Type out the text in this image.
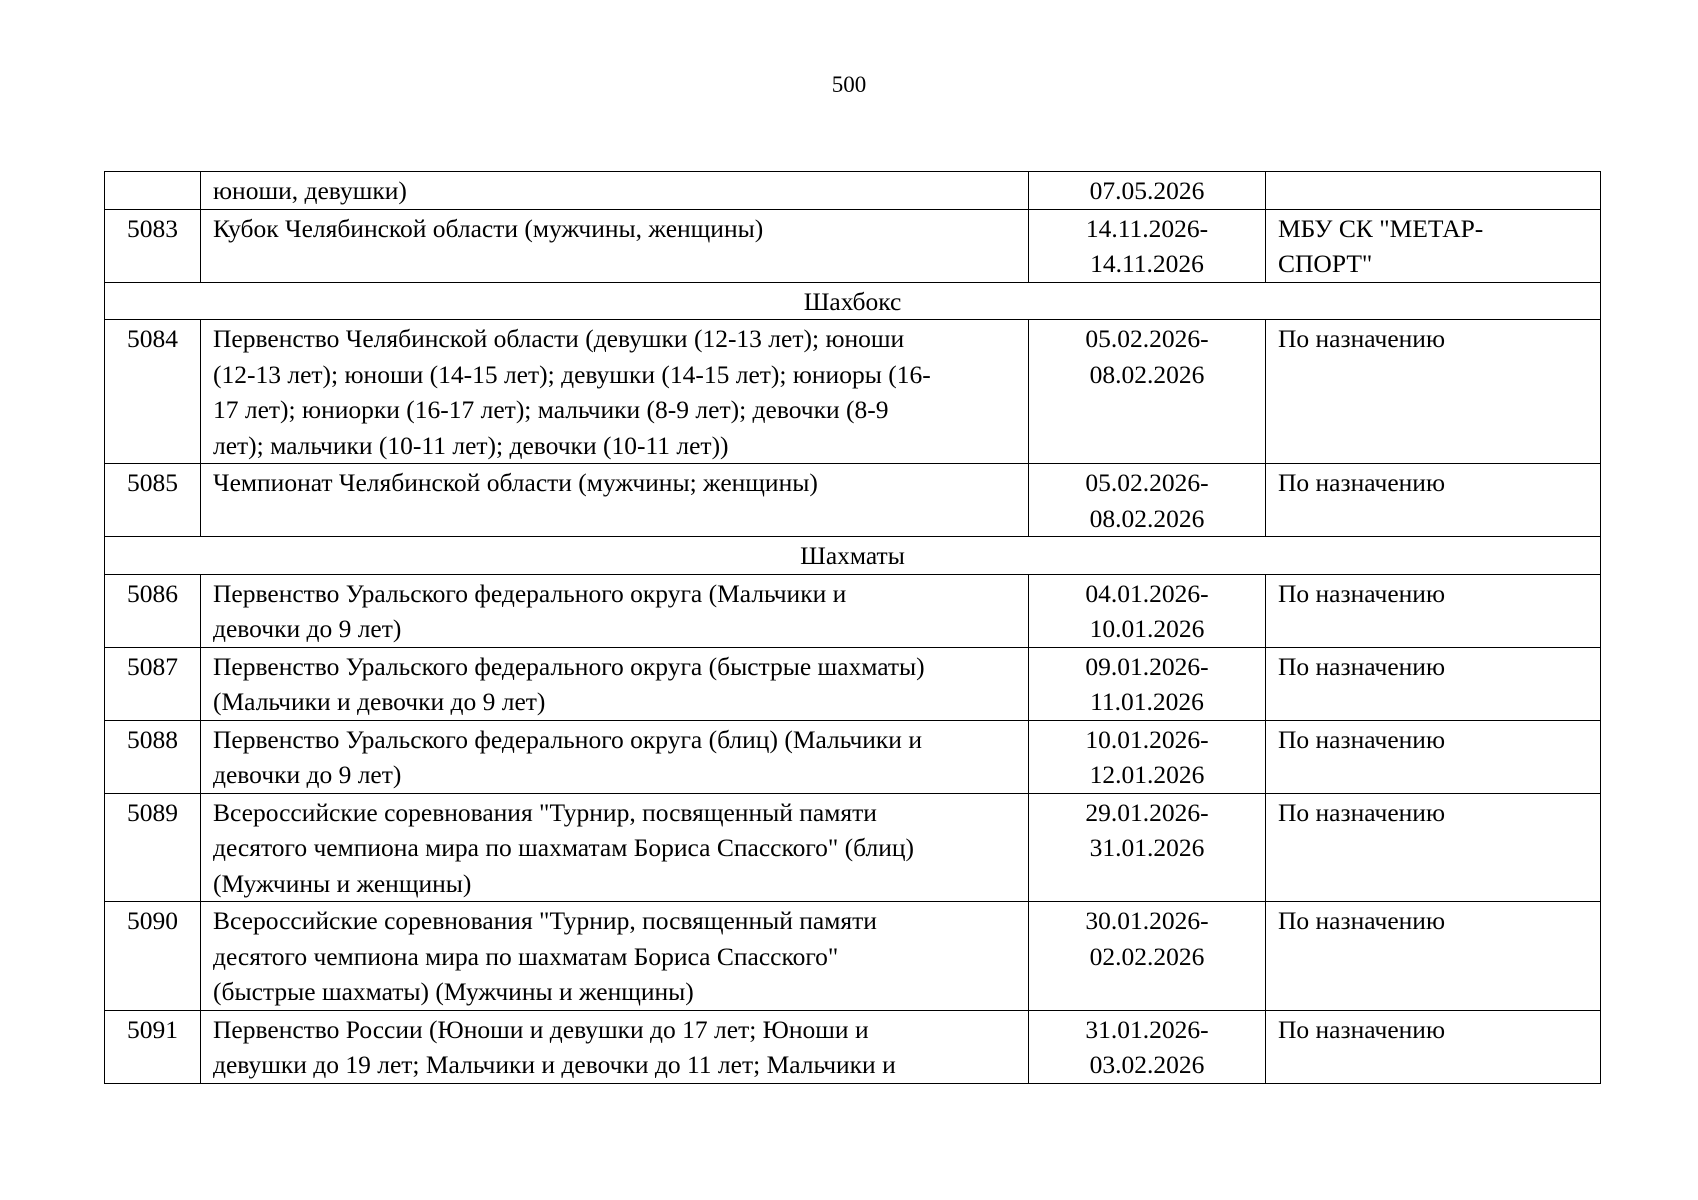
500
	юноши, девушки)	07.05.2026	
5083	Кубок Челябинской области (мужчины, женщины)	14.11.2026-
14.11.2026	МБУ СК "МЕТАР-
СПОРТ"
Шахбокс			
5084	Первенство Челябинской области (девушки (12-13 лет); юноши
(12-13 лет); юноши (14-15 лет); девушки (14-15 лет); юниоры (16-
17 лет); юниорки (16-17 лет); мальчики (8-9 лет); девочки (8-9
лет); мальчики (10-11 лет); девочки (10-11 лет))	05.02.2026-
08.02.2026	По назначению
5085	Чемпионат Челябинской области (мужчины; женщины)	05.02.2026-
08.02.2026	По назначению
Шахматы			
5086	Первенство Уральского федерального округа (Мальчики и
девочки до 9 лет)	04.01.2026-
10.01.2026	По назначению
5087	Первенство Уральского федерального округа (быстрые шахматы)
(Мальчики и девочки до 9 лет)	09.01.2026-
11.01.2026	По назначению
5088	Первенство Уральского федерального округа (блиц) (Мальчики и
девочки до 9 лет)	10.01.2026-
12.01.2026	По назначению
5089	Всероссийские соревнования "Турнир, посвященный памяти
десятого чемпиона мира по шахматам Бориса Спасского" (блиц)
(Мужчины и женщины)	29.01.2026-
31.01.2026	По назначению
5090	Всероссийские соревнования "Турнир, посвященный памяти
десятого чемпиона мира по шахматам Бориса Спасского"
(быстрые шахматы) (Мужчины и женщины)	30.01.2026-
02.02.2026	По назначению
5091	Первенство России (Юноши и девушки до 17 лет; Юноши и
девушки до 19 лет; Мальчики и девочки до 11 лет; Мальчики и	31.01.2026-
03.02.2026	По назначению
